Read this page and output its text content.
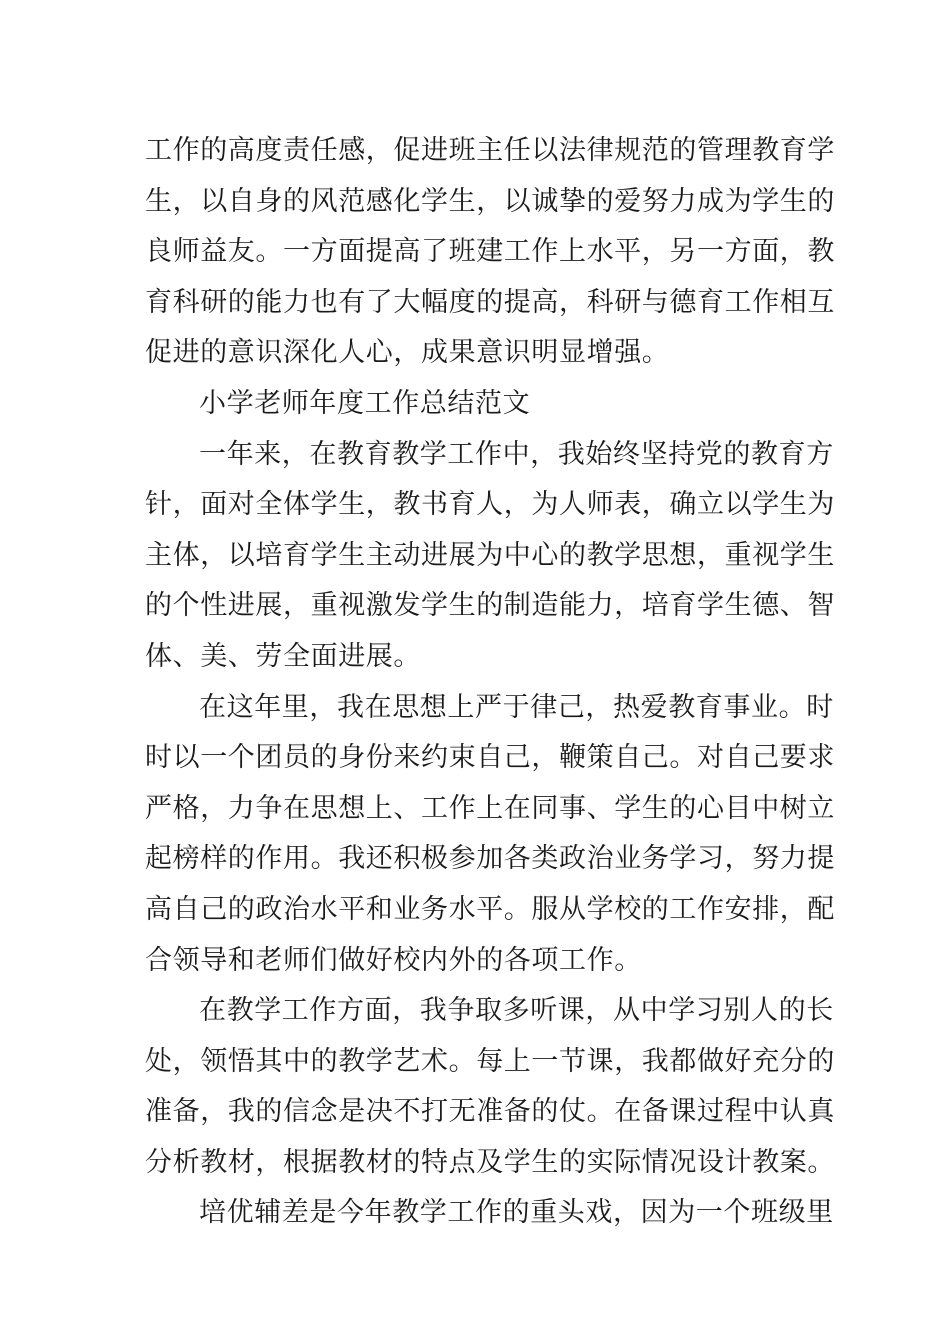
工作的高度责任感，促进班主任以法律规范的管理教育学
生，以自身的风范感化学生，以诚挚的爱努力成为学生的
良师益友。一方面提高了班建工作上水平，另一方面，教
育科研的能力也有了大幅度的提高，科研与德育工作相互
促进的意识深化人心，成果意识明显增强。
小学老师年度工作总结范文
一年来，在教育教学工作中，我始终坚持党的教育方
针，面对全体学生，教书育人，为人师表，确立以学生为
主体，以培育学生主动进展为中心的教学思想，重视学生
的个性进展，重视激发学生的制造能力，培育学生德、智
体、美、劳全面进展。
在这年里，我在思想上严于律己，热爱教育事业。时
时以一个团员的身份来约束自己，鞭策自己。对自己要求
严格，力争在思想上、工作上在同事、学生的心目中树立
起榜样的作用。我还积极参加各类政治业务学习，努力提
高自己的政治水平和业务水平。服从学校的工作安排，配
合领导和老师们做好校内外的各项工作。
在教学工作方面，我争取多听课，从中学习别人的长
处，领悟其中的教学艺术。每上一节课，我都做好充分的
准备，我的信念是决不打无准备的仗。在备课过程中认真
分析教材，根据教材的特点及学生的实际情况设计教案。
培优辅差是今年教学工作的重头戏，因为一个班级里
